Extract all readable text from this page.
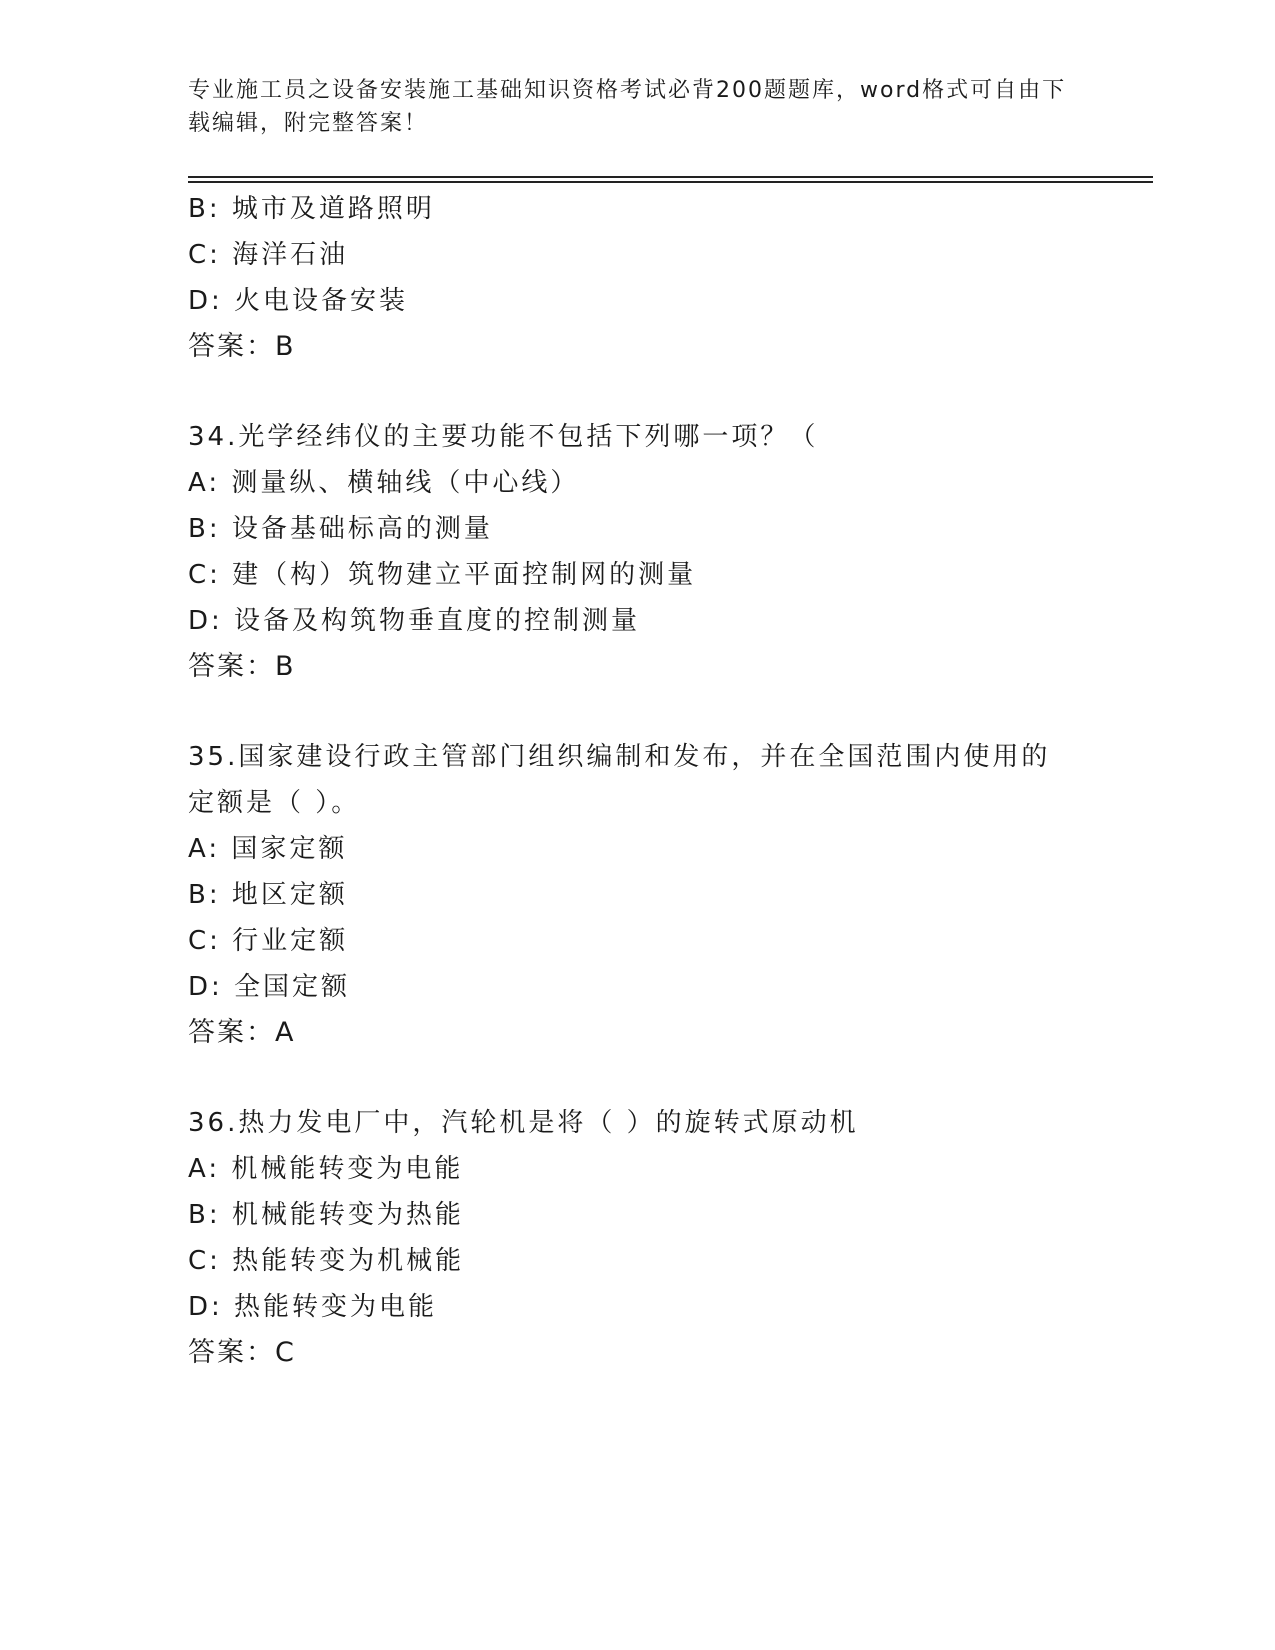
专业施工员之设备安装施工基础知识资格考试必背200题题库，word格式可自由下载编辑，附完整答案！
B: 城市及道路照明
C: 海洋石油
D: 火电设备安装
答案：B
34.光学经纬仪的主要功能不包括下列哪一项？（
A: 测量纵、横轴线（中心线）
B: 设备基础标高的测量
C: 建（构）筑物建立平面控制网的测量
D: 设备及构筑物垂直度的控制测量
答案：B
35.国家建设行政主管部门组织编制和发布，并在全国范围内使用的定额是（ ）。
A: 国家定额
B: 地区定额
C: 行业定额
D: 全国定额
答案：A
36.热力发电厂中，汽轮机是将（ ）的旋转式原动机
A: 机械能转变为电能
B: 机械能转变为热能
C: 热能转变为机械能
D: 热能转变为电能
答案：C
